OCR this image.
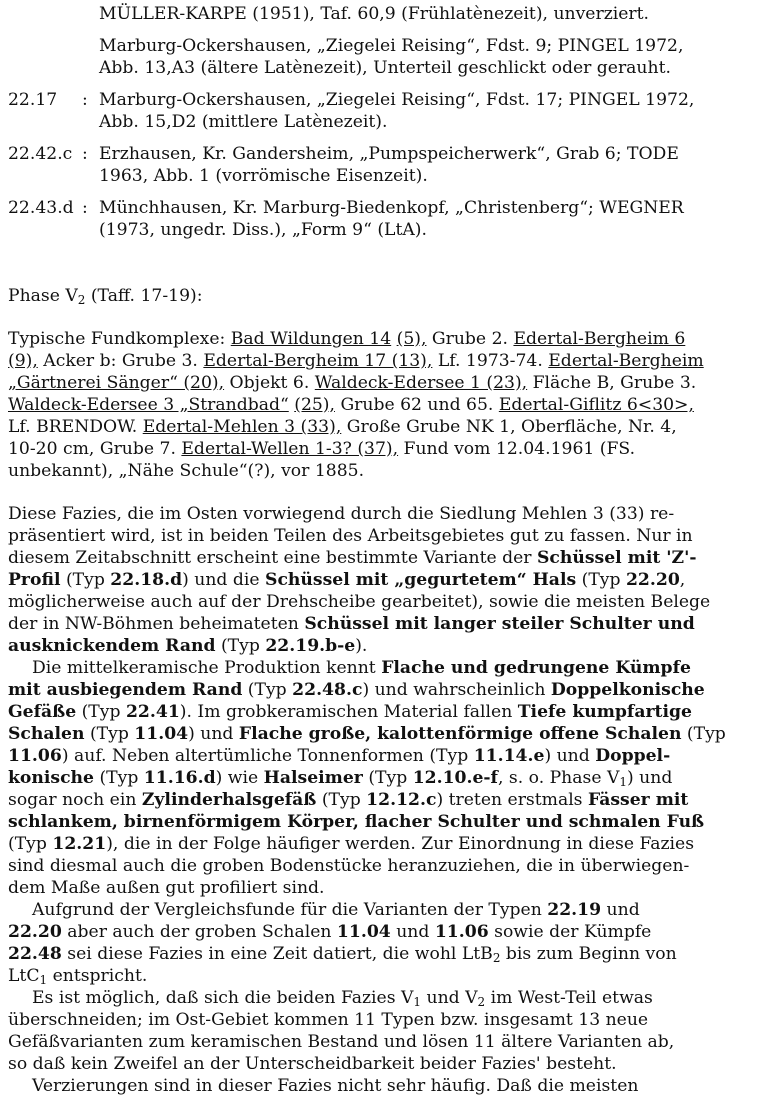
MÜLLER-KARPE (1951), Taf. 60,9 (Frühlatènezeit), unverziert.
Marburg-Ockershausen, „Ziegelei Reising“, Fdst. 9; PINGEL 1972,
Abb. 13,A3 (ältere Latènezeit), Unterteil geschlickt oder gerauht.
22.17 : Marburg-Ockershausen, „Ziegelei Reising“, Fdst. 17; PINGEL 1972,
Abb. 15,D2 (mittlere Latènezeit).
22.42.c : Erzhausen, Kr. Gandersheim, „Pumpspeicherwerk“, Grab 6; TODE
1963, Abb. 1 (vorrömische Eisenzeit).
22.43.d : Münchhausen, Kr. Marburg-Biedenkopf, „Christenberg“; WEGNER
(1973, ungedr. Diss.), „Form 9“ (LtA).
Phase $V_2$ (Taff. 17-19):
Typische Fundkomplexe: Bad Wildungen 14 (5), Grube 2. Edertal-Bergheim 6
(9), Acker b: Grube 3. Edertal-Bergheim 17 (13), Lf. 1973-74. Edertal-Bergheim
„Gärtnerei Sänger“ (20), Objekt 6. Waldeck-Edersee 1 (23), Fläche B, Grube 3.
Waldeck-Edersee 3 „Strandbad“ (25), Grube 62 und 65. Edertal-Giflitz 6<30>,
Lf. BRENDOW. Edertal-Mehlen 3 (33), Große Grube NK 1, Oberfläche, Nr. 4,
10-20 cm, Grube 7. Edertal-Wellen 1-3? (37), Fund vom 12.04.1961 (FS.
unbekannt), „Nähe Schule“(?), vor 1885.
Diese Fazies, die im Osten vorwiegend durch die Siedlung Mehlen 3 (33) re-
präsentiert wird, ist in beiden Teilen des Arbeitsgebietes gut zu fassen. Nur in
diesem Zeitabschnitt erscheint eine bestimmte Variante der Schüssel mit 'Z'-
Profil (Typ 22.18.d) und die Schüssel mit „gegurtetem“ Hals (Typ 22.20,
möglicherweise auch auf der Drehscheibe gearbeitet), sowie die meisten Belege
der in NW-Böhmen beheimateten Schüssel mit langer steiler Schulter und
ausknickendem Rand (Typ 22.19.b-e).
Die mittelkeramische Produktion kennt Flache und gedrungene Kümpfe
mit ausbiegendem Rand (Typ 22.48.c) und wahrscheinlich Doppelkonische
Gefäße (Typ 22.41). Im grobkeramischen Material fallen Tiefe kumpfartige
Schalen (Typ 11.04) und Flache große, kalottenförmige offene Schalen (Typ
11.06) auf. Neben altertümliche Tonnenformen (Typ 11.14.e) und Doppel-
konische (Typ 11.16.d) wie Halseimer (Typ 12.10.e-f, s. o. Phase $V_1$) und
sogar noch ein Zylinderhalsgefäß (Typ 12.12.c) treten erstmals Fässer mit
schlankem, birnenförmigem Körper, flacher Schulter und schmalen Fuß
(Typ 12.21), die in der Folge häufiger werden. Zur Einordnung in diese Fazies
sind diesmal auch die groben Bodenstücke heranzuziehen, die in überwiegen-
dem Maße außen gut profiliert sind.
Aufgrund der Vergleichsfunde für die Varianten der Typen 22.19 und
22.20 aber auch der groben Schalen 11.04 und 11.06 sowie der Kümpfe
22.48 sei diese Fazies in eine Zeit datiert, die wohl LtB$_2$ bis zum Beginn von
LtC$_1$ entspricht.
Es ist möglich, daß sich die beiden Fazies $V_1$ und $V_2$ im West-Teil etwas
überschneiden; im Ost-Gebiet kommen 11 Typen bzw. insgesamt 13 neue
Gefäßvarianten zum keramischen Bestand und lösen 11 ältere Varianten ab,
so daß kein Zweifel an der Unterscheidbarkeit beider Fazies' besteht.
Verzierungen sind in dieser Fazies nicht sehr häufig. Daß die meisten
